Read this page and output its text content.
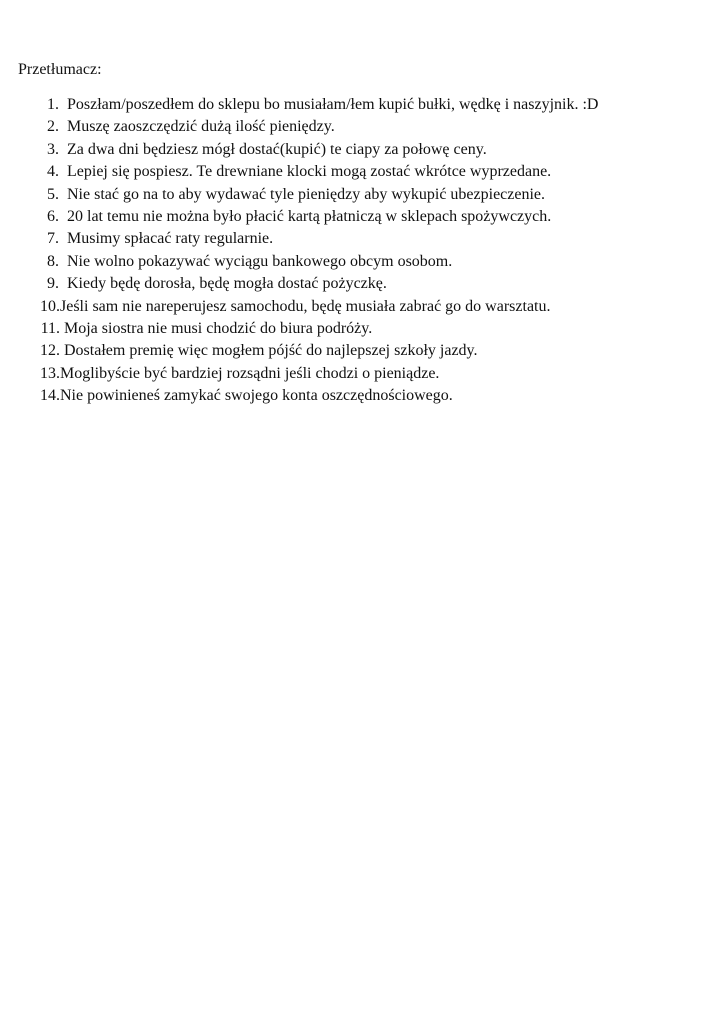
Przetłumacz:

1. Poszłam/poszedłem do sklepu bo musiałam/łem kupić bułki, wędkę i naszyjnik. :D
2. Muszę zaoszczędzić dużą ilość pieniędzy.
3. Za dwa dni będziesz mógł dostać(kupić) te ciapy za połowę ceny.
4. Lepiej się pospiesz. Te drewniane klocki mogą zostać wkrótce wyprzedane.
5. Nie stać go na to aby wydawać tyle pieniędzy aby wykupić ubezpieczenie.
6. 20 lat temu nie można było płacić kartą płatniczą w sklepach spożywczych.
7. Musimy spłacać raty regularnie.
8. Nie wolno pokazywać wyciągu bankowego obcym osobom.
9. Kiedy będę dorosła, będę mogła dostać pożyczkę.
10.Jeśli sam nie nareperujesz samochodu, będę musiała zabrać go do warsztatu.
11. Moja siostra nie musi chodzić do biura podróży.
12. Dostałem premię więc mogłem pójść do najlepszej szkoły jazdy.
13.Moglibyście być bardziej rozsądni jeśli chodzi o pieniądze.
14.Nie powinieneś zamykać swojego konta oszczędnościowego.
